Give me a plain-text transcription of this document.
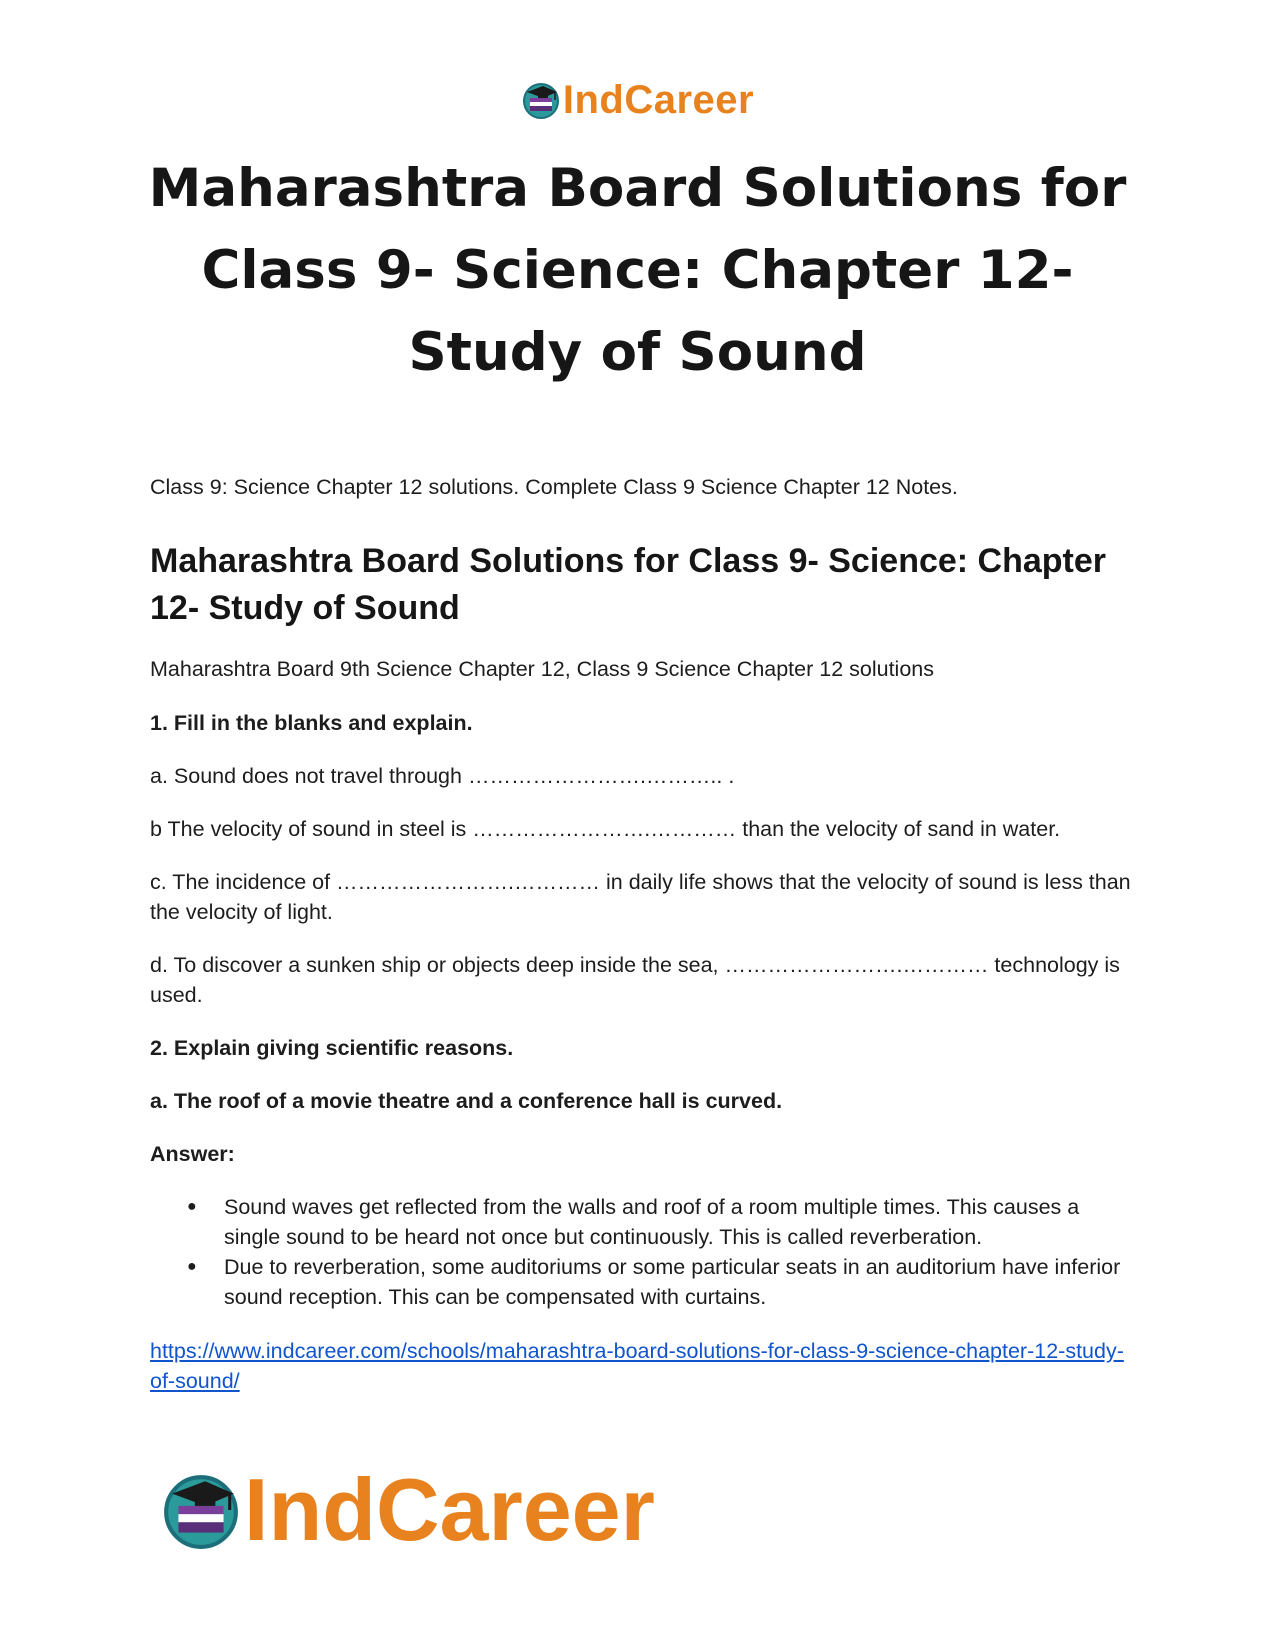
IndCareer
Maharashtra Board Solutions for Class 9- Science: Chapter 12- Study of Sound

Class 9: Science Chapter 12 solutions. Complete Class 9 Science Chapter 12 Notes.

Maharashtra Board Solutions for Class 9- Science: Chapter 12- Study of Sound

Maharashtra Board 9th Science Chapter 12, Class 9 Science Chapter 12 solutions

1. Fill in the blanks and explain.

a. Sound does not travel through …………………….……….. .

b The velocity of sound in steel is …………………….………… than the velocity of sand in water.

c. The incidence of …………………….………… in daily life shows that the velocity of sound is less than the velocity of light.

d. To discover a sunken ship or objects deep inside the sea, …………………….………… technology is used.

2. Explain giving scientific reasons.

a. The roof of a movie theatre and a conference hall is curved.

Answer:

● Sound waves get reflected from the walls and roof of a room multiple times. This causes a single sound to be heard not once but continuously. This is called reverberation.
● Due to reverberation, some auditoriums or some particular seats in an auditorium have inferior sound reception. This can be compensated with curtains.
https://www.indcareer.com/schools/maharashtra-board-solutions-for-class-9-science-chapter-12-study-of-sound/
IndCareer
